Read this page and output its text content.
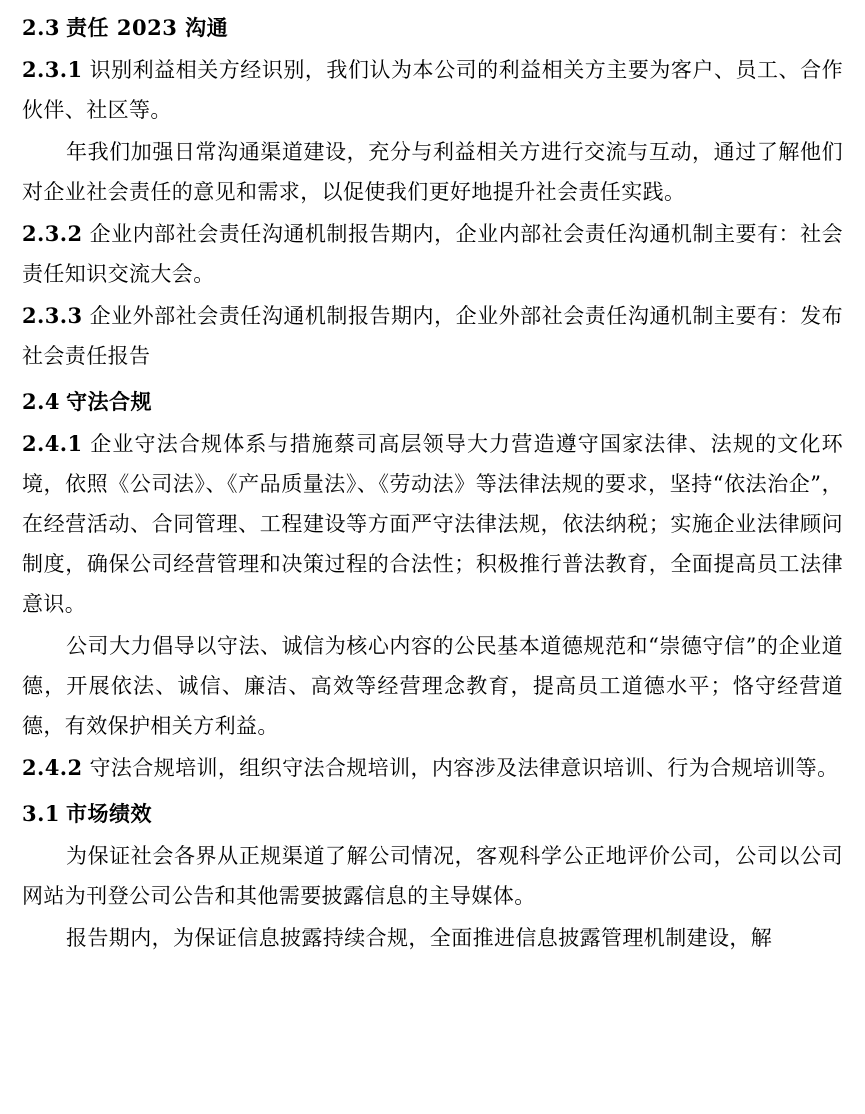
2.3 责任 2023 沟通
2.3.1 识别利益相关方经识别，我们认为本公司的利益相关方主要为客户、员工、合作伙伴、社区等。
年我们加强日常沟通渠道建设，充分与利益相关方进行交流与互动，通过了解他们对企业社会责任的意见和需求，以促使我们更好地提升社会责任实践。
2.3.2 企业内部社会责任沟通机制报告期内，企业内部社会责任沟通机制主要有：社会责任知识交流大会。
2.3.3 企业外部社会责任沟通机制报告期内，企业外部社会责任沟通机制主要有：发布社会责任报告
2.4 守法合规
2.4.1 企业守法合规体系与措施蔡司高层领导大力营造遵守国家法律、法规的文化环境，依照《公司法》、《产品质量法》、《劳动法》等法律法规的要求，坚持“依法治企”，在经营活动、合同管理、工程建设等方面严守法律法规，依法纳税；实施企业法律顾问制度，确保公司经营管理和决策过程的合法性；积极推行普法教育，全面提高员工法律意识。
公司大力倡导以守法、诚信为核心内容的公民基本道德规范和“崇德守信”的企业道德，开展依法、诚信、廉洁、高效等经营理念教育，提高员工道德水平；恪守经营道德，有效保护相关方利益。
2.4.2 守法合规培训，组织守法合规培训，内容涉及法律意识培训、行为合规培训等。
3.1 市场绩效
为保证社会各界从正规渠道了解公司情况，客观科学公正地评价公司，公司以公司网站为刊登公司公告和其他需要披露信息的主导媒体。
报告期内，为保证信息披露持续合规，全面推进信息披露管理机制建设，解
